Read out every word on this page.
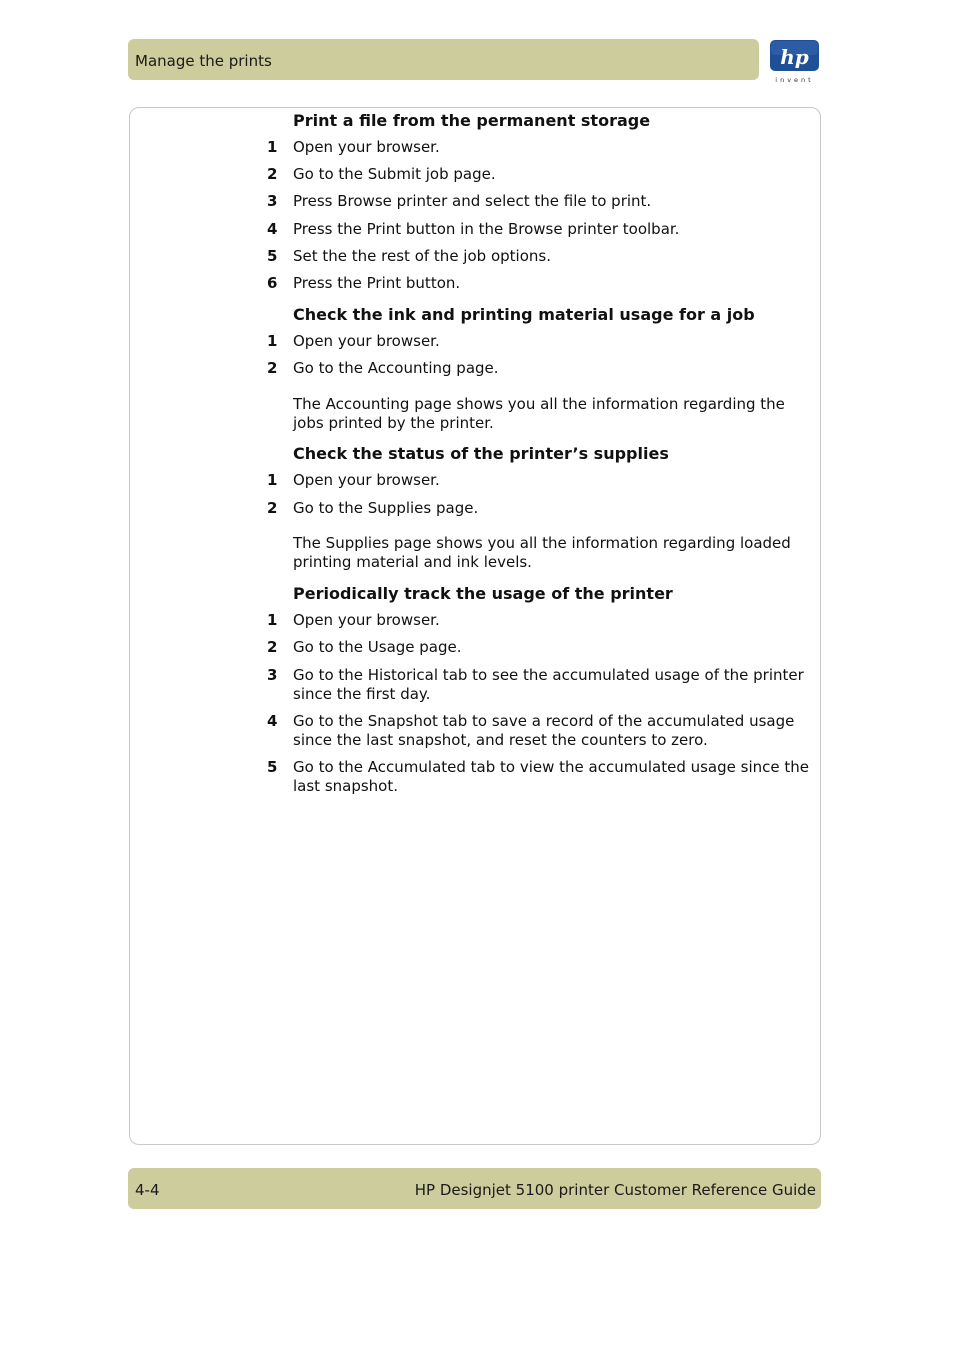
Manage the prints	hp
invent
Print a file from the permanent storage
1 Open your browser.
2 Go to the Submit job page.
3 Press Browse printer and select the file to print.
4 Press the Print button in the Browse printer toolbar.
5 Set the the rest of the job options.
6 Press the Print button.
Check the ink and printing material usage for a job
1 Open your browser.
2 Go to the Accounting page.
The Accounting page shows you all the information regarding the jobs printed by the printer.
Check the status of the printer’s supplies
1 Open your browser.
2 Go to the Supplies page.
The Supplies page shows you all the information regarding loaded printing material and ink levels.
Periodically track the usage of the printer
1 Open your browser.
2 Go to the Usage page.
3 Go to the Historical tab to see the accumulated usage of the printer since the first day.
4 Go to the Snapshot tab to save a record of the accumulated usage since the last snapshot, and reset the counters to zero.
5 Go to the Accumulated tab to view the accumulated usage since the last snapshot.
4-4	HP Designjet 5100 printer Customer Reference Guide
